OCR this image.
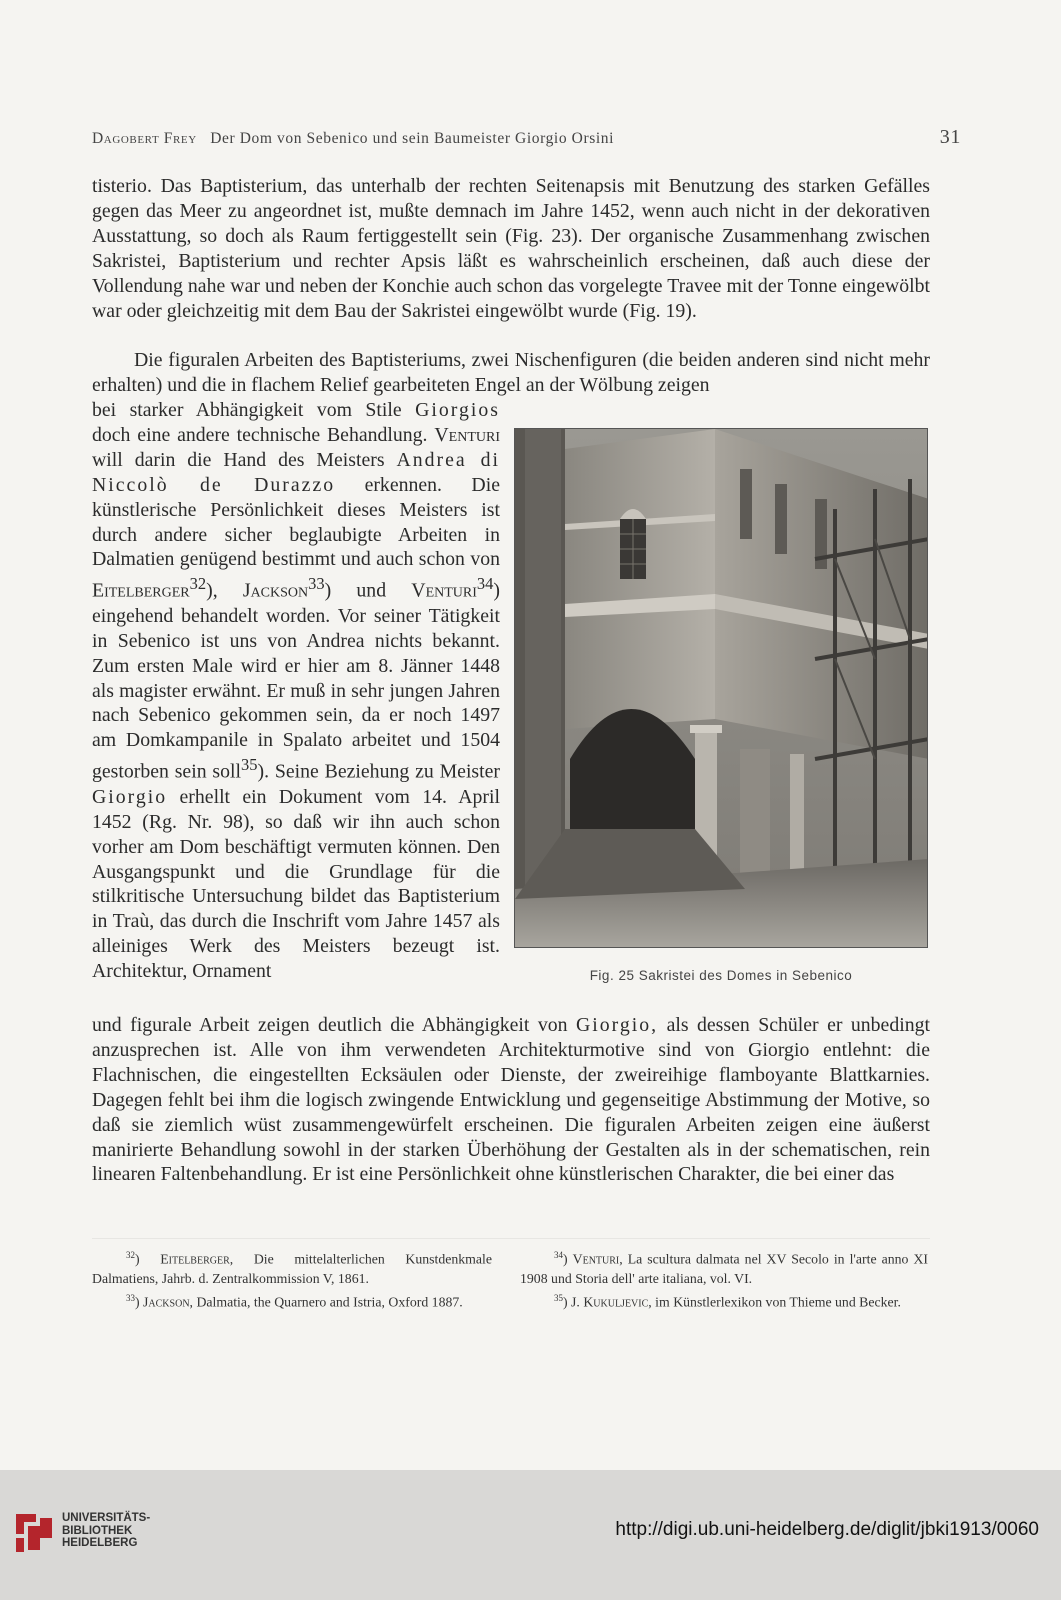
Dagobert Frey Der Dom von Sebenico und sein Baumeister Giorgio Orsini	31

tisterio. Das Baptisterium, das unterhalb der rechten Seitenapsis mit Benutzung des starken Gefälles gegen das Meer zu angeordnet ist, mußte demnach im Jahre 1452, wenn auch nicht in der dekorativen Ausstattung, so doch als Raum fertiggestellt sein (Fig. 23). Der organische Zusammenhang zwischen Sakristei, Baptisterium und rechter Apsis läßt es wahrscheinlich erscheinen, daß auch diese der Vollendung nahe war und neben der Konchie auch schon das vorgelegte Travee mit der Tonne eingewölbt war oder gleichzeitig mit dem Bau der Sakristei eingewölbt wurde (Fig. 19).

Die figuralen Arbeiten des Baptisteriums, zwei Nischenfiguren (die beiden anderen sind nicht mehr erhalten) und die in flachem Relief gearbeiteten Engel an der Wölbung zeigen

bei starker Abhängigkeit vom Stile Giorgios doch eine andere technische Behandlung. Venturi will darin die Hand des Meisters Andrea di Niccolò de Durazzo erkennen. Die künstlerische Persönlichkeit dieses Meisters ist durch andere sicher beglaubigte Arbeiten in Dalmatien genügend bestimmt und auch schon von Eitelberger$^{32}$), Jackson$^{33}$) und Venturi$^{34}$) eingehend behandelt worden. Vor seiner Tätigkeit in Sebenico ist uns von Andrea nichts bekannt. Zum ersten Male wird er hier am 8. Jänner 1448 als magister erwähnt. Er muß in sehr jungen Jahren nach Sebenico gekommen sein, da er noch 1497 am Domkampanile in Spalato arbeitet und 1504 gestorben sein soll$^{35}$). Seine Beziehung zu Meister Giorgio erhellt ein Dokument vom 14. April 1452 (Rg. Nr. 98), so daß wir ihn auch schon vorher am Dom beschäftigt vermuten können. Den Ausgangspunkt und die Grundlage für die stilkritische Untersuchung bildet das Baptisterium in Traù, das durch die Inschrift vom Jahre 1457 als alleiniges Werk des Meisters bezeugt ist. Architektur, Ornament	Fig. 25 Sakristei des Domes in Sebenico

und figurale Arbeit zeigen deutlich die Abhängigkeit von Giorgio, als dessen Schüler er unbedingt anzusprechen ist. Alle von ihm verwendeten Architekturmotive sind von Giorgio entlehnt: die Flachnischen, die eingestellten Ecksäulen oder Dienste, der zweireihige flamboyante Blattkarnies. Dagegen fehlt bei ihm die logisch zwingende Entwicklung und gegenseitige Abstimmung der Motive, so daß sie ziemlich wüst zusammengewürfelt erscheinen. Die figuralen Arbeiten zeigen eine äußerst manirierte Behandlung sowohl in der starken Überhöhung der Gestalten als in der schematischen, rein linearen Faltenbehandlung. Er ist eine Persönlichkeit ohne künstlerischen Charakter, die bei einer das

$^{32}$) Eitelberger, Die mittelalterlichen Kunstdenkmale Dalmatiens, Jahrb. d. Zentralkommission V, 1861.

$^{33}$) Jackson, Dalmatia, the Quarnero and Istria, Oxford 1887.

$^{34}$) Venturi, La scultura dalmata nel XV Secolo in l'arte anno XI 1908 und Storia dell' arte italiana, vol. VI.

$^{35}$) J. Kukuljevic, im Künstlerlexikon von Thieme und Becker.

UNIVERSITÄTS-
BIBLIOTHEK
HEIDELBERG
http://digi.ub.uni-heidelberg.de/diglit/jbki1913/0060
